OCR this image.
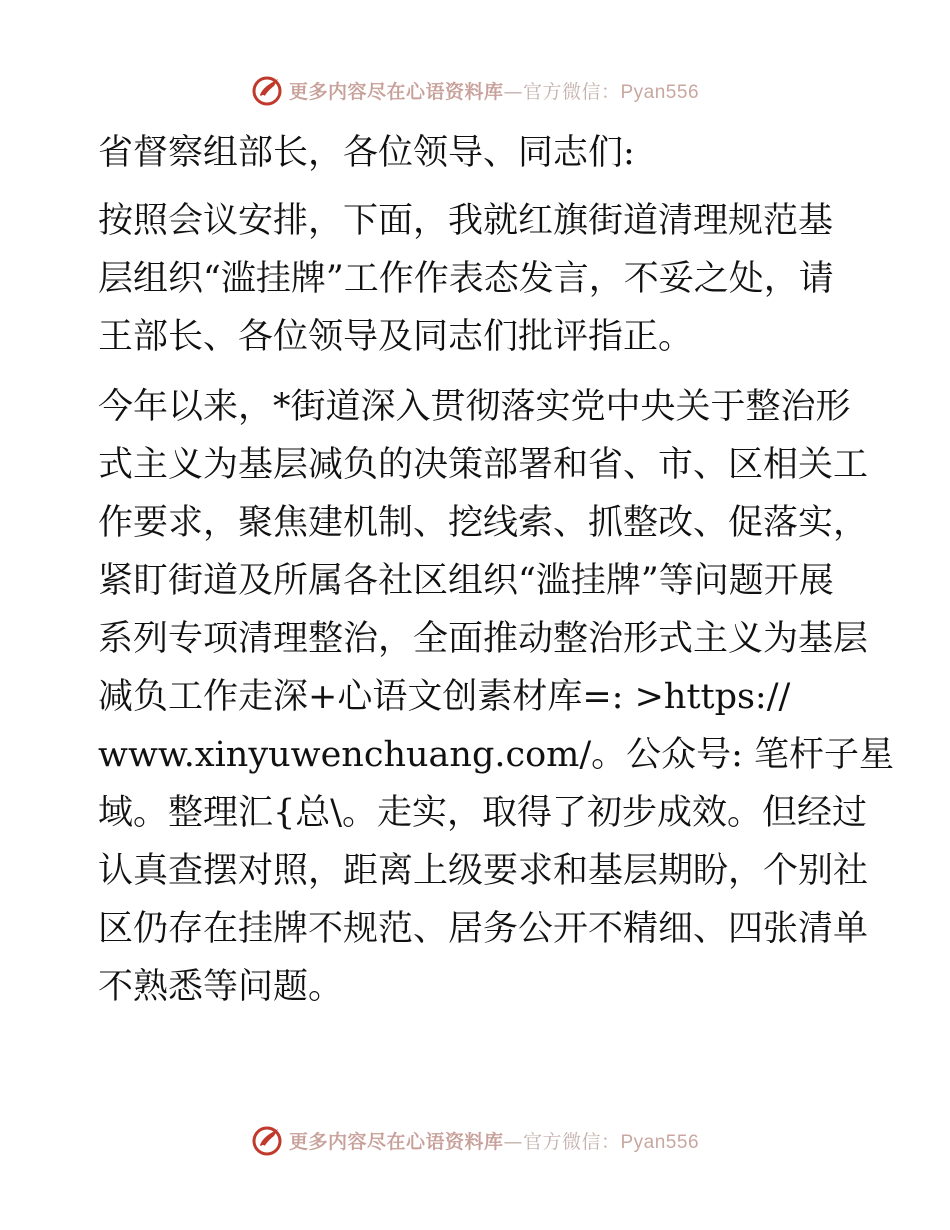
更多内容尽在心语资料库—官方微信：Pyan556
省督察组部长，各位领导、同志们:
按照会议安排，下面，我就红旗街道清理规范基
层组织“滥挂牌”工作作表态发言，不妥之处，请
王部长、各位领导及同志们批评指正。
今年以来，*街道深入贯彻落实党中央关于整治形
式主义为基层减负的决策部署和省、市、区相关工
作要求，聚焦建机制、挖线索、抓整改、促落实，
紧盯街道及所属各社区组织“滥挂牌”等问题开展
系列专项清理整治，全面推动整治形式主义为基层
减负工作走深+心语文创素材库=: >https://
www.xinyuwenchuang.com/。公众号: 笔杆子星
域。整理汇{总\。走实，取得了初步成效。但经过
认真查摆对照，距离上级要求和基层期盼，个别社
区仍存在挂牌不规范、居务公开不精细、四张清单
不熟悉等问题。
更多内容尽在心语资料库—官方微信：Pyan556
